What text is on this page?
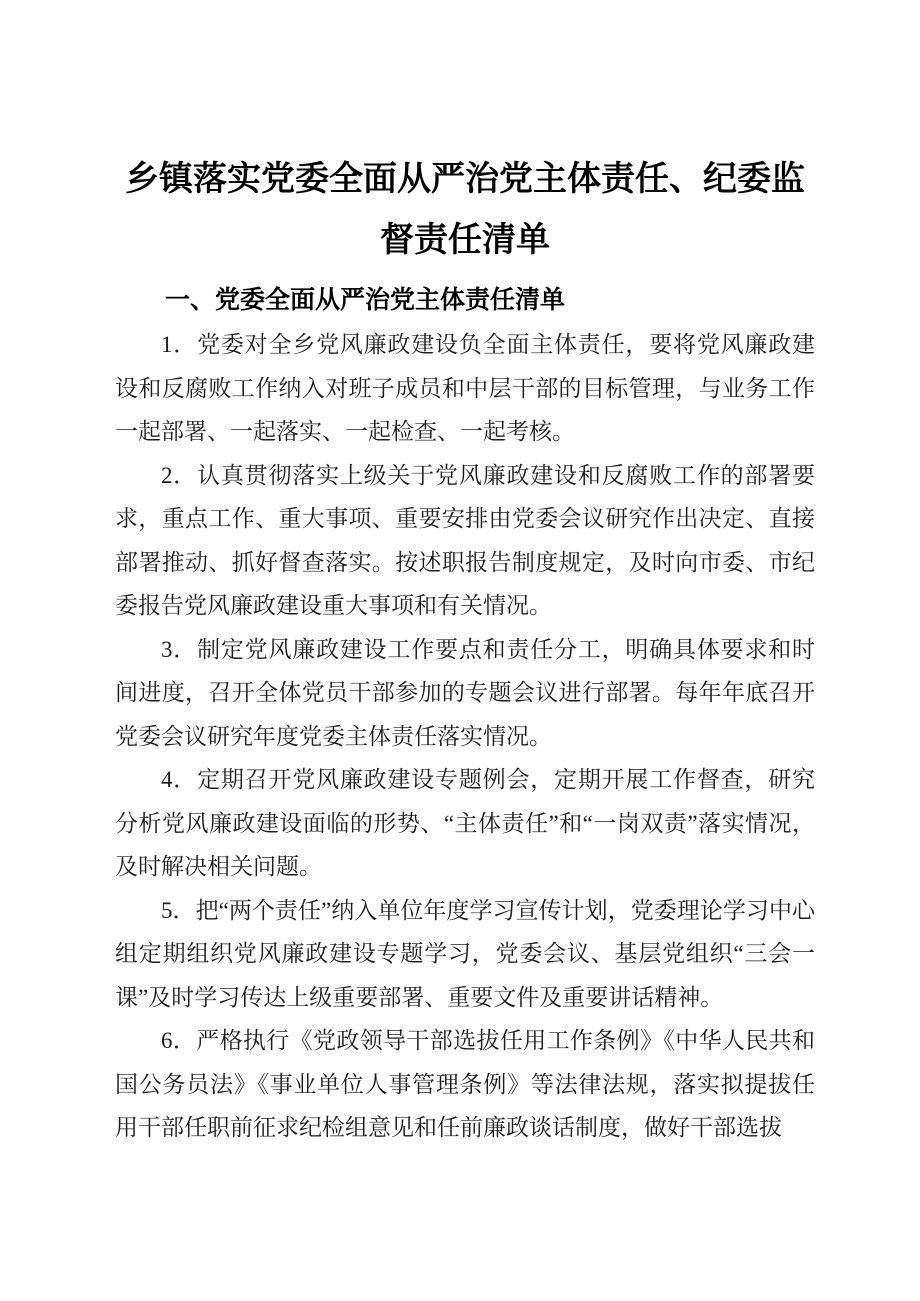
乡镇落实党委全面从严治党主体责任、纪委监
督责任清单
一、党委全面从严治党主体责任清单

1．党委对全乡党风廉政建设负全面主体责任，要将党风廉政建设和反腐败工作纳入对班子成员和中层干部的目标管理，与业务工作一起部署、一起落实、一起检查、一起考核。

2．认真贯彻落实上级关于党风廉政建设和反腐败工作的部署要求，重点工作、重大事项、重要安排由党委会议研究作出决定、直接部署推动、抓好督查落实。按述职报告制度规定，及时向市委、市纪委报告党风廉政建设重大事项和有关情况。

3．制定党风廉政建设工作要点和责任分工，明确具体要求和时间进度，召开全体党员干部参加的专题会议进行部署。每年年底召开党委会议研究年度党委主体责任落实情况。

4．定期召开党风廉政建设专题例会，定期开展工作督查，研究分析党风廉政建设面临的形势、“主体责任”和“一岗双责”落实情况，及时解决相关问题。

5．把“两个责任”纳入单位年度学习宣传计划，党委理论学习中心组定期组织党风廉政建设专题学习，党委会议、基层党组织“三会一课”及时学习传达上级重要部署、重要文件及重要讲话精神。

6．严格执行《党政领导干部选拔任用工作条例》《中华人民共和国公务员法》《事业单位人事管理条例》等法律法规，落实拟提拔任用干部任职前征求纪检组意见和任前廉政谈话制度，做好干部选拔
